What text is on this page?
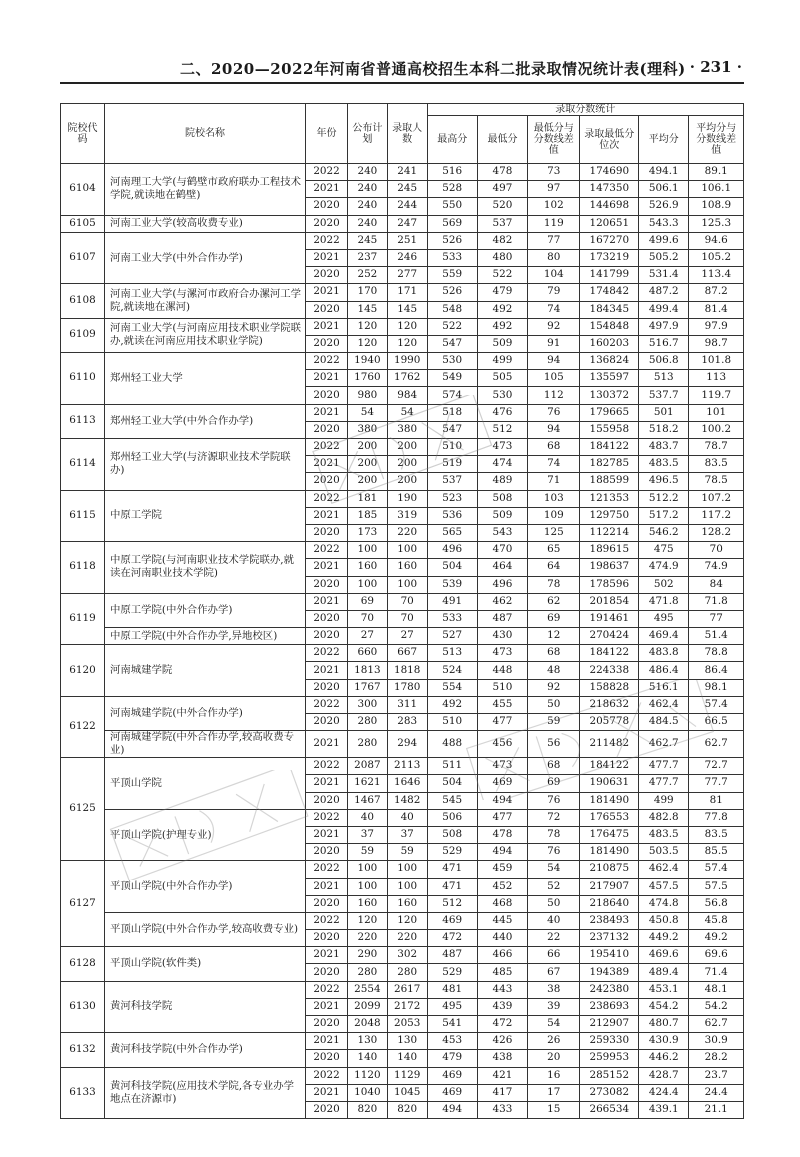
二、2020—2022年河南省普通高校招生本科二批录取情况统计表(理科) · 231 ·
院校代码	院校名称	年份	公布计划	录取人数	录取分数统计					
					最高分	最低分	最低分与分数线差值	录取最低分位次	平均分	平均分与分数线差值
6104	河南理工大学(与鹤壁市政府联办工程技术学院,就读地在鹤壁)	2022	240	241	516	478	73	174690	494.1	89.1
		2021	240	245	528	497	97	147350	506.1	106.1
		2020	240	244	550	520	102	144698	526.9	108.9
6105	河南工业大学(较高收费专业)	2020	240	247	569	537	119	120651	543.3	125.3
6107	河南工业大学(中外合作办学)	2022	245	251	526	482	77	167270	499.6	94.6
		2021	237	246	533	480	80	173219	505.2	105.2
		2020	252	277	559	522	104	141799	531.4	113.4
6108	河南工业大学(与漯河市政府合办漯河工学院,就读地在漯河)	2021	170	171	526	479	79	174842	487.2	87.2
		2020	145	145	548	492	74	184345	499.4	81.4
6109	河南工业大学(与河南应用技术职业学院联办,就读在河南应用技术职业学院)	2021	120	120	522	492	92	154848	497.9	97.9
		2020	120	120	547	509	91	160203	516.7	98.7
6110	郑州轻工业大学	2022	1940	1990	530	499	94	136824	506.8	101.8
		2021	1760	1762	549	505	105	135597	513	113
		2020	980	984	574	530	112	130372	537.7	119.7
6113	郑州轻工业大学(中外合作办学)	2021	54	54	518	476	76	179665	501	101
		2020	380	380	547	512	94	155958	518.2	100.2
6114	郑州轻工业大学(与济源职业技术学院联办)	2022	200	200	510	473	68	184122	483.7	78.7
		2021	200	200	519	474	74	182785	483.5	83.5
		2020	200	200	537	489	71	188599	496.5	78.5
6115	中原工学院	2022	181	190	523	508	103	121353	512.2	107.2
		2021	185	319	536	509	109	129750	517.2	117.2
		2020	173	220	565	543	125	112214	546.2	128.2
6118	中原工学院(与河南职业技术学院联办,就读在河南职业技术学院)	2022	100	100	496	470	65	189615	475	70
		2021	160	160	504	464	64	198637	474.9	74.9
		2020	100	100	539	496	78	178596	502	84
6119	中原工学院(中外合作办学)	2021	69	70	491	462	62	201854	471.8	71.8
		2020	70	70	533	487	69	191461	495	77
	中原工学院(中外合作办学,异地校区)	2020	27	27	527	430	12	270424	469.4	51.4
6120	河南城建学院	2022	660	667	513	473	68	184122	483.8	78.8
		2021	1813	1818	524	448	48	224338	486.4	86.4
		2020	1767	1780	554	510	92	158828	516.1	98.1
6122	河南城建学院(中外合作办学)	2022	300	311	492	455	50	218632	462.4	57.4
		2020	280	283	510	477	59	205778	484.5	66.5
	河南城建学院(中外合作办学,较高收费专业)	2021	280	294	488	456	56	211482	462.7	62.7
6125	平顶山学院	2022	2087	2113	511	473	68	184122	477.7	72.7
		2021	1621	1646	504	469	69	190631	477.7	77.7
		2020	1467	1482	545	494	76	181490	499	81
	平顶山学院(护理专业)	2022	40	40	506	477	72	176553	482.8	77.8
		2021	37	37	508	478	78	176475	483.5	83.5
		2020	59	59	529	494	76	181490	503.5	85.5
6127	平顶山学院(中外合作办学)	2022	100	100	471	459	54	210875	462.4	57.4
		2021	100	100	471	452	52	217907	457.5	57.5
		2020	160	160	512	468	50	218640	474.8	56.8
	平顶山学院(中外合作办学,较高收费专业)	2022	120	120	469	445	40	238493	450.8	45.8
		2020	220	220	472	440	22	237132	449.2	49.2
6128	平顶山学院(软件类)	2021	290	302	487	466	66	195410	469.6	69.6
		2020	280	280	529	485	67	194389	489.4	71.4
6130	黄河科技学院	2022	2554	2617	481	443	38	242380	453.1	48.1
		2021	2099	2172	495	439	39	238693	454.2	54.2
		2020	2048	2053	541	472	54	212907	480.7	62.7
6132	黄河科技学院(中外合作办学)	2021	130	130	453	426	26	259330	430.9	30.9
		2020	140	140	479	438	20	259953	446.2	28.2
6133	黄河科技学院(应用技术学院,各专业办学地点在济源市)	2022	1120	1129	469	421	16	285152	428.7	23.7
		2021	1040	1045	469	417	17	273082	424.4	24.4
		2020	820	820	494	433	15	266534	439.1	21.1
